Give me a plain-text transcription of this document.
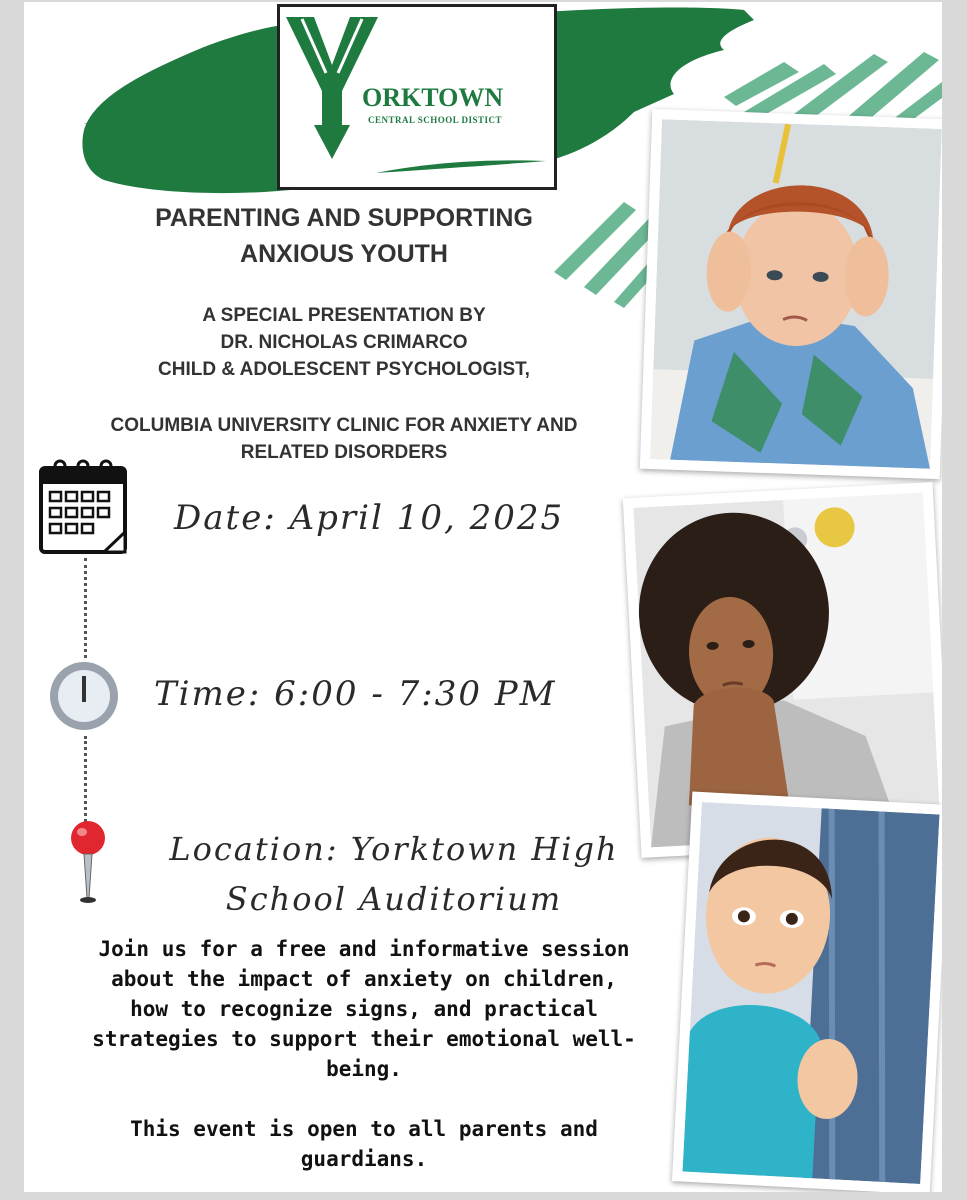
ORKTOWN
CENTRAL SCHOOL DISTICT
PARENTING AND SUPPORTING
ANXIOUS YOUTH
A SPECIAL PRESENTATION BY
DR. NICHOLAS CRIMARCO
CHILD & ADOLESCENT PSYCHOLOGIST,
COLUMBIA UNIVERSITY CLINIC FOR ANXIETY AND
RELATED DISORDERS
Date: April 10, 2025
Time: 6:00 - 7:30 PM
Location: Yorktown High
School Auditorium
Join us for a free and informative session
about the impact of anxiety on children,
how to recognize signs, and practical
strategies to support their emotional well-
being.
This event is open to all parents and
guardians.
